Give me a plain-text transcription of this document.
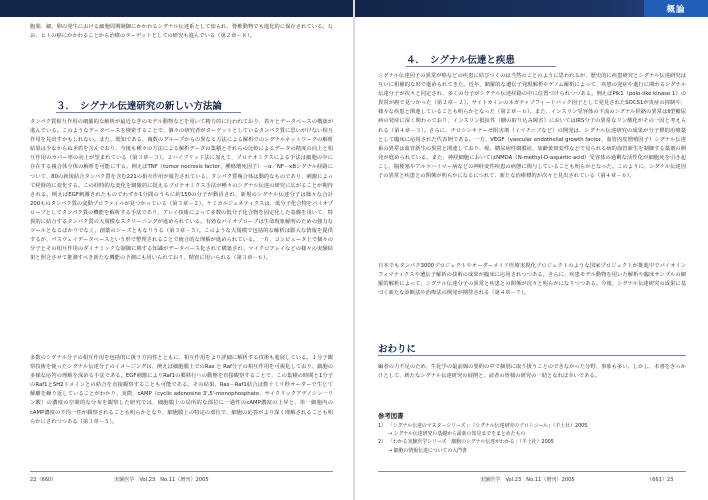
胞間、細、卵の発生における細胞周期制御にかかわるシグナル伝達系として知られ、脊椎動物でも進化的に保存されている。なお、ヒトの癌にかかわることから治療のターゲットとしての研究も進んでいる（第２章－８）。

３． シグナル伝達研究の新しい方法論

タンパク質相互作用の網羅的な解析が最近なぎのモデル動物などを用いて精力的に行われており、着々とデータベースの構築が進んでいる。このようなデータベースを検索することで、個々の研究者がターゲットとしているタンパク質に思いがけない相互作用を見出すかもしれない。また、既知である、複数のグループからの異なる方法による解析でのシグナルネットワークの解析結果は少なからぬ矛盾を含んでおり、今後も種々の方法による解析データの集積とそれらの比較によるデータの精度の向上と相互作用のカバー率の向上が望まれている（第３章－３）。２ハイブリッド法に加えて、プロテオミクスによる手法は細胞の中に存在する複合体全体の解析を可能にする。例えばTNF（tumor necrosis factor、腫瘍壊死因子）－α／NF－κBシグナル経路について、80の新規結合タンパク質を含む221の相互作用が報告されている。タンパク質複合体は動的なものであり、刺激によって経時的に変化する。この経時的な変化を網羅的に捉えるプロテオミクス手法が種々のシグナル伝達の研究に広がることが期待される。例えばEGF刺激されたものでわずか1分間のうちに約150の分子が動員され、新規のシグナル伝達分子は様々な合計200ものタンパク質の変動プロファイルが見つかっている（第３章－２）。ケミカルジェネティクスは、低分子化合物をバイオプローブとしてタンパク質の機能を解析する手法であり、アレイ技術によって多数の低分子化合物を固定化した基盤を用いて、特異的に結合するタンパク質の大規模なスクリーニングが進められている。有効なバイオプローブは生命現象解明のための強力なツールとなるばかりでなく、創薬のシーズともなりうる（第３章－５）。このような大規模で包括的な解析は膨大な情報を提供するが、パスウェイデータベースという形で整理されることで統合的な理解が進められている。一方、コンピュータ上で個々の分子とその相互作用のダイナミックな制御に関する知識がデータベース化されて構築され、マイクロアレイなどの様々の実験結果と照合させて推測すべき新たな機能の予測にも用いられており、精密に用いられる（第３章－６）。

多数のシグナル分子の相互作用を包括的に扱う方向性とともに、相互作用をより詳細に解析する技術も進展している。１分子観察技術を使ったシグナル伝達分子のイメージングは、例えば細胞膜上でのRas と Raf分子の相互作用を可視化しており、細胞の多様な応答の理解を深める手法である。EGF刺激によりRaf1の膜移行への動態を直接観察することで、この集積の時間と1分子のRaf1とSH2ドメインとの結合を直接観察することも可能である。その結果、Ras－Raf1結合は数十ミリ秒オーダーで生じて解離を繰り返していることがわかり、実際、cAMP（cyclic adenosine 3',5'-monophosphate、サイクリックアデノシン一リン酸）の濃度の空間的な分布を観察した研究では、細胞膜上の局所的な部位に一過性のcAMP濃度の上昇と、単一細胞内のcAMP濃度の不均一性が観察されることも明らかとなり、細胞膜上の特定の部位で、細胞の応答がより深く理解されることも明らかにされつつある（第３章－５）。

22（660）	実験医学　Vol.23　No.11（増刊）2005
概論
４． シグナル伝達と疾患

シグナル伝達因子の異常が癌などの疾患に結びつくのは当然のことのように思われるが、歴史的に疾患研究とシグナル伝達研究は互いに相補的な形で進められてきた。近年、網羅的な遺伝子発現解析やゲノム解析によって、疾患の発症や進行に関わるシグナル伝達分子が次々と同定され、多くの分子がシグナル伝達経路の中に位置づけられつつある。例えばPlk1（polo-like kinase 1）の異常が癌で見つかった（第２章－２）。サイトカインのネガティブフィードバック因子として発見されたSOCS1が炎症の抑制や、様々な疾患と関連していることも明らかとなった（第２章－６）。また、インスリン受容体の下流のシグナル経路の異常はⅡ型糖尿病の発症に深く関わっており、インスリン抵抗性（糖の取り込み障害）においてはIRS分子の異常なリン酸化がその一因と考えられる（第４章－３）。さらに、チロシンキナーゼ阻害剤（イマチニブなど）の開発は、シグナル伝達研究の成果が分子標的治療薬として臨床に応用された代表例である。一方、VEGF（vascular endothelial growth factor、血管内皮増殖因子）シグナル伝達系の異常は血管新生の異常と関連しており、癌、糖尿病性網膜症、加齢黄斑変性などで見られる病的血管新生を制御する薬剤の開発が進められている。また、神経細胞においてはNMDA（N-methyl-D-aspartic acid）受容体の過剰な活性化が細胞死を引き起こし、脳梗塞やアルツハイマー病などの神経変性疾患の病態に関与していることも明らかとなった。このように、シグナル伝達因子の異常と疾患との関係が明らかになるにつれて、新たな治療標的が次々と見出されている（第４章－６）。

日本でもタンパク3000プロジェクトやオーダーメイド医療実現化プロジェクトのような国家プロジェクトが推進中でバイオインフォマティクスや遺伝子解析の技術の成果が臨床に応用されつつある。さらに、疾患モデル動物を用いた解析や臨床サンプルの網羅的解析によって、シグナル伝達分子の異常と疾患との関係が次々と明らかになりつつある。今後、シグナル伝達研究の成果に基づく新たな診断法や治療法の開発が期待される（第４章－７）。

おわりに

編者の力不足のため、生化学の最前線の要約の中で個別に取り扱うことのできなかった分野、事象も多い。しかし、本書をきっかけとして、新たなシグナル伝達研究の展開と、読者の皆様の研究の一助となれば幸いである。

参考図書
1） 「シグナル伝達のマスターシリーズ」：『シグナル伝達研究のプロトコール』（羊土社）2005
→ シグナル伝達研究の基礎から最新の知見までをまとめたもの
2） 「わかる実験医学シリーズ　細胞のシグナル伝達がわかる」（羊土社）2005
→ 細胞の情報伝達についての入門書
実験医学　Vol.23　No.11（増刊）2005	（661）23
